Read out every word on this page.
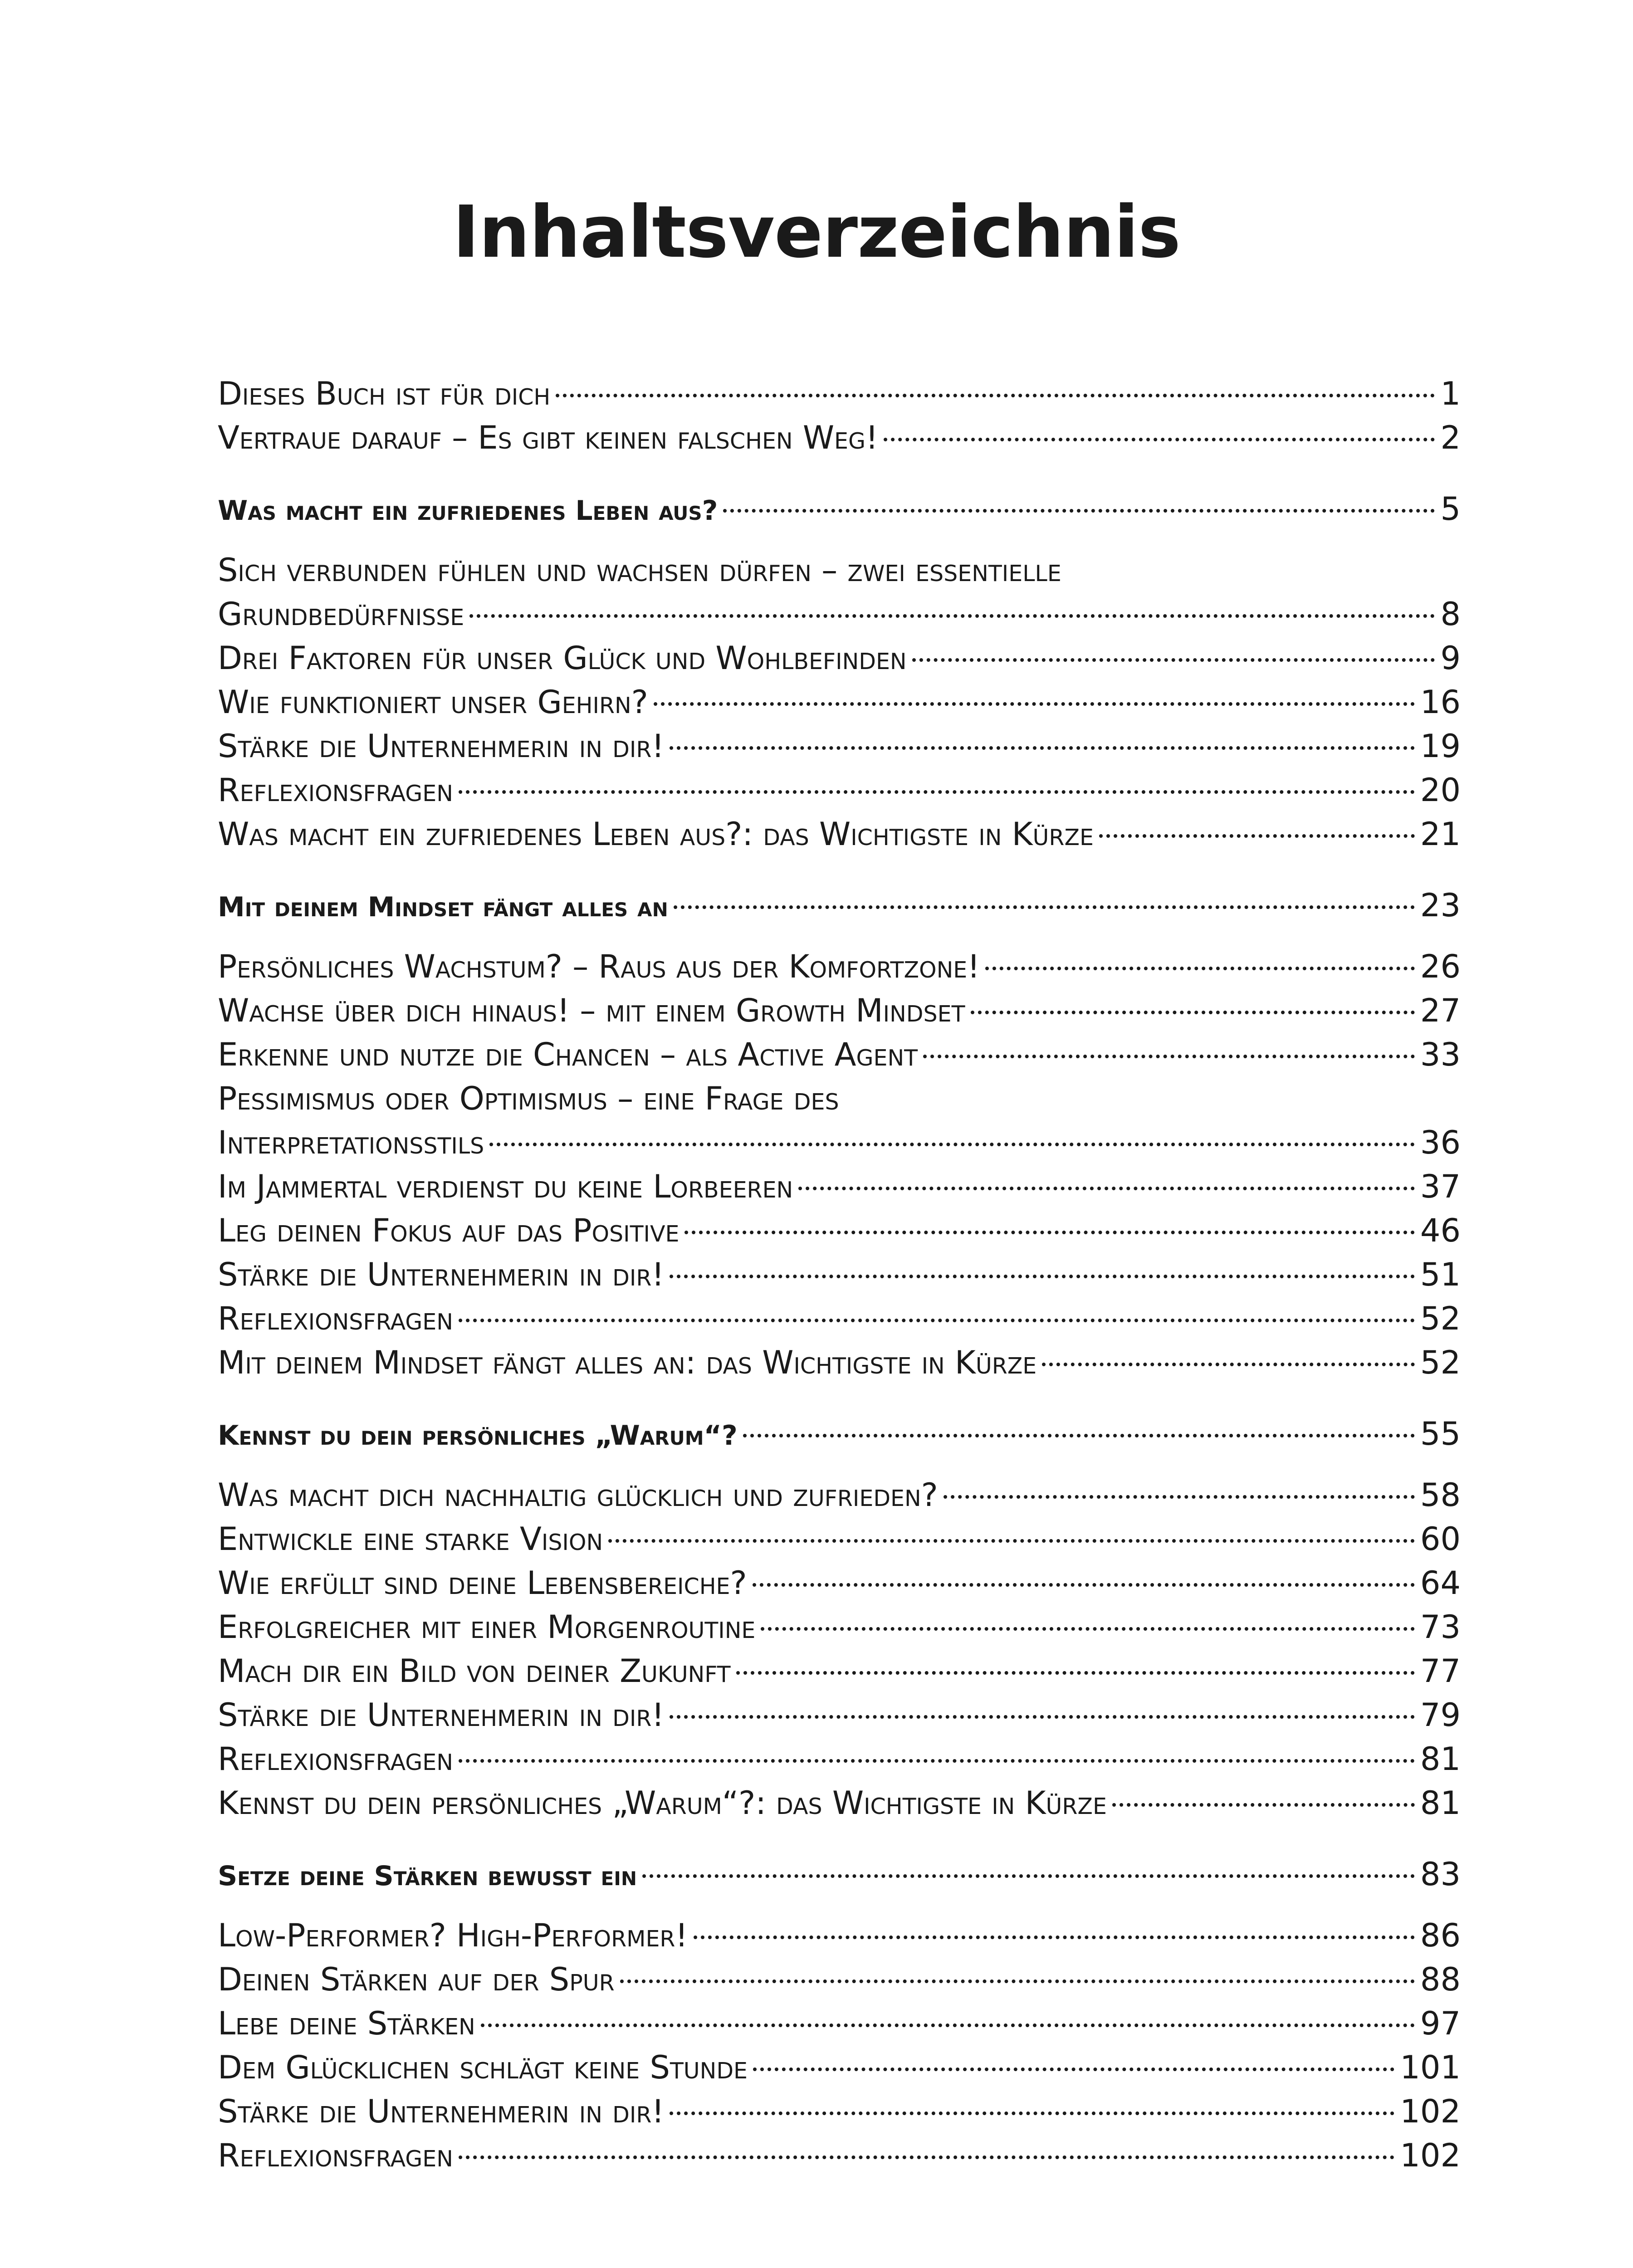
Inhaltsverzeichnis
Dieses Buch ist für dich	1
Vertraue darauf – Es gibt keinen falschen Weg!	2
Was macht ein zufriedenes Leben aus?	5
Sich verbunden fühlen und wachsen dürfen – zwei essentielle
Grundbedürfnisse	8
Drei Faktoren für unser Glück und Wohlbefinden	9
Wie funktioniert unser Gehirn?	16
Stärke die Unternehmerin in dir!	19
Reflexionsfragen	20
Was macht ein zufriedenes Leben aus?: das Wichtigste in Kürze	21
Mit deinem Mindset fängt alles an	23
Persönliches Wachstum? – Raus aus der Komfortzone!	26
Wachse über dich hinaus! – mit einem Growth Mindset	27
Erkenne und nutze die Chancen – als Active Agent	33
Pessimismus oder Optimismus – eine Frage des
Interpretationsstils	36
Im Jammertal verdienst du keine Lorbeeren	37
Leg deinen Fokus auf das Positive	46
Stärke die Unternehmerin in dir!	51
Reflexionsfragen	52
Mit deinem Mindset fängt alles an: das Wichtigste in Kürze	52
Kennst du dein persönliches „Warum“?	55
Was macht dich nachhaltig glücklich und zufrieden?	58
Entwickle eine starke Vision	60
Wie erfüllt sind deine Lebensbereiche?	64
Erfolgreicher mit einer Morgenroutine	73
Mach dir ein Bild von deiner Zukunft	77
Stärke die Unternehmerin in dir!	79
Reflexionsfragen	81
Kennst du dein persönliches „Warum“?: das Wichtigste in Kürze	81
Setze deine Stärken bewusst ein	83
Low-Performer? High-Performer!	86
Deinen Stärken auf der Spur	88
Lebe deine Stärken	97
Dem Glücklichen schlägt keine Stunde	101
Stärke die Unternehmerin in dir!	102
Reflexionsfragen	102
